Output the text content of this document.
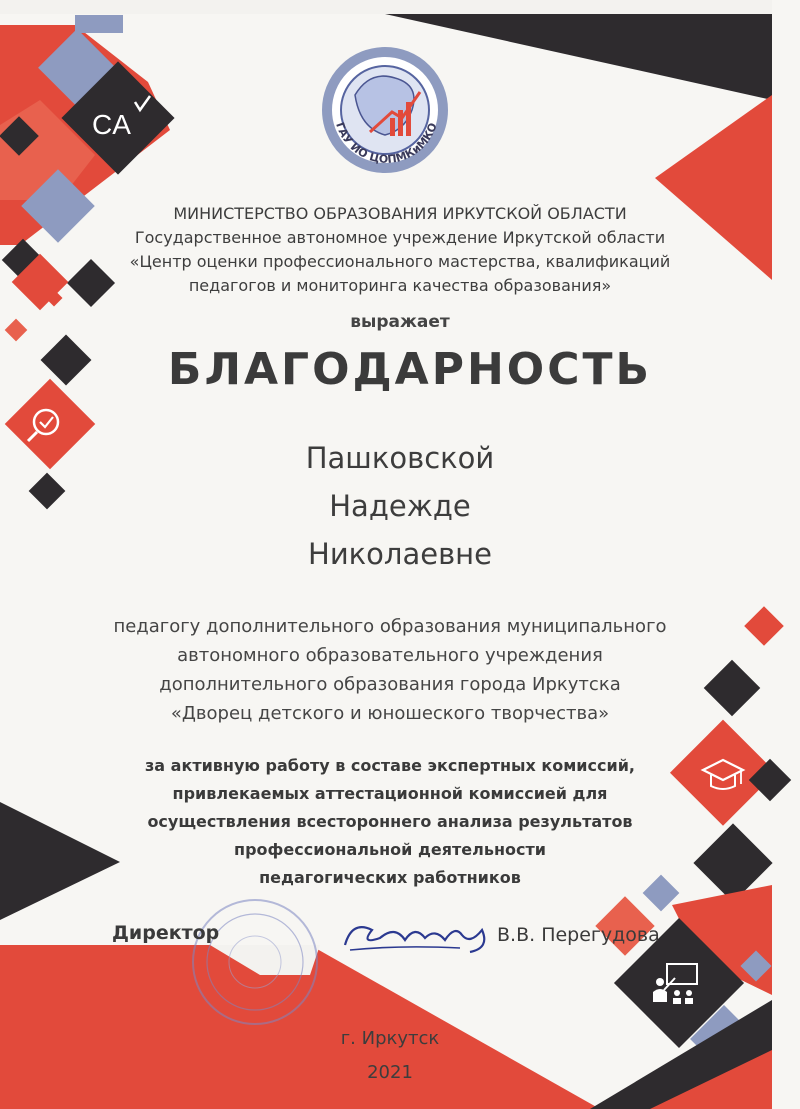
CA	ГАУ ИО ЦОПМКиМКО
МИНИСТЕРСТВО ОБРАЗОВАНИЯ ИРКУТСКОЙ ОБЛАСТИ
Государственное автономное учреждение Иркутской области
«Центр оценки профессионального мастерства, квалификаций
педагогов и мониторинга качества образования»
выражает
БЛАГОДАРНОСТЬ
Пашковской
Надежде
Николаевне
педагогу дополнительного образования муниципального
автономного образовательного учреждения
дополнительного образования города Иркутска
«Дворец детского и юношеского творчества»
за активную работу в составе экспертных комиссий,
привлекаемых аттестационной комиссией для
осуществления всестороннего анализа результатов
профессиональной деятельности
педагогических работников
Директор	В.В. Перегудова
г. Иркутск
2021
